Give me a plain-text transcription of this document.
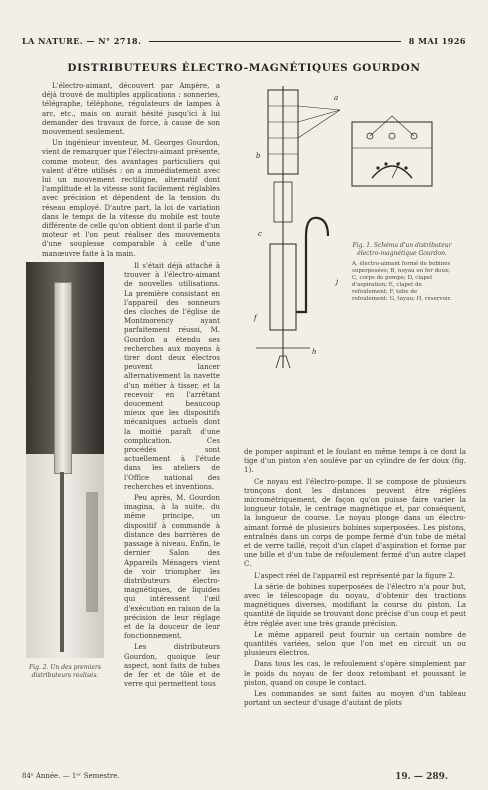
LA NATURE. — N° 2718.	8 MAI 1926
DISTRIBUTEURS ÉLECTRO-MAGNÉTIQUES GOURDON

L'électro-aimant, découvert par Ampère, a déjà trouvé de multiples applications : sonneries, télégraphe, téléphone, régulateurs de lampes à arc, etc., mais on aurait hésité jusqu'ici à lui demander des travaux de force, à cause de son mouvement seulement.

Un ingénieur inventeur, M. Georges Gourdon, vient de remarquer que l'électro-aimant présente, comme moteur, des avantages particuliers qui valent d'être utilisés : on a immédiatement avec lui un mouvement rectiligne, alternatif dont l'amplitude et la vitesse sont facilement réglables avec précision et dépendent de la tension du réseau employé. D'autre part, la loi de variation dans le temps de la vitesse du mobile est toute différente de celle qu'on obtient dont il parle d'un moteur et l'on peut réaliser des mouvements d'une souplesse comparable à celle d'une manœuvre faite à la main.

Fig. 2. Un des premiers distributeurs réalisés.

Il s'était déjà attaché à trouver à l'électro-aimant de nouvelles utilisations. La première consistant en l'appareil des sonneurs des cloches de l'église de Montmorency ayant parfaitement réussi, M. Gourdon a étendu ses recherches aux moyens à tirer dont deux électros peuvent lancer alternativement la navette d'un métier à tisser, et la recevoir en l'arrêtant doucement beaucoup mieux que les dispositifs mécaniques actuels dont la moitié paraît d'une complication. Ces procédés sont actuellement à l'étude dans les ateliers de l'Office national des recherches et inventions.

Peu après, M. Gourdon imagina, à la suite, du même principe, un dispositif à commande à distance des barrières de passage à niveau. Enfin, le dernier Salon des Appareils Ménagers vient de voir triompher les distributeurs électro-magnétiques, de liquides qui intéressent l'œil d'exécution en raison de la précision de leur réglage et de la douceur de leur fonctionnement.

Les distributeurs Gourdon, quoique leur aspect, sont faits de tubes de fer et de tôle et de verre qui permettent tous

a
b
c
j
f
h
Fig. 1. Schéma d'un distributeur électro-magnétique Gourdon.
A, électro-aimant formé de bobines superposées; B, noyau en fer doux; C, corps de pompe; D, clapet d'aspiration; E, clapet de refoulement; F, tube de refoulement; G, tuyau; H, réservoir.

de pomper aspirant et le foulant en même temps à ce dont la tige d'un piston s'en soulève par un cylindre de fer doux (fig. 1).

Ce noyau est l'électro-pompe. Il se compose de plusieurs tronçons dont les distances peuvent être réglées micrométriquement, de façon qu'on puisse faire varier la longueur totale, le centrage magnétique et, par conséquent, la longueur de course. Le noyau plonge dans un électro-aimant formé de plusieurs bobines superposées. Les pistons, entraînés dans un corps de pompe fermé d'un tube de métal et de verre taillé, reçoit d'un clapet d'aspiration et forme par une bille et d'un tube de refoulement fermé d'un autre clapet C.

L'aspect réel de l'appareil est représenté par la figure 2.

La série de bobines superposées de l'électro n'a pour but, avec le télescopage du noyau, d'obtenir des tractions magnétiques diverses, modifiant la course du piston. La quantité de liquide se trouvant donc précise d'un coup et peut être réglée avec une très grande précision.

Le même appareil peut fournir un certain nombre de quantités variées, selon que l'on met en circuit un ou plusieurs électros.

Dans tous les cas, le refoulement s'opère simplement par le poids du noyau de fer doux retombant et poussant le piston, quand on coupe le contact.

Les commandes se sont faites au moyen d'un tableau portant un secteur d'usage d'autant de plots

84ᵉ Année. — 1ᵉʳ Semestre.	19. — 289.
